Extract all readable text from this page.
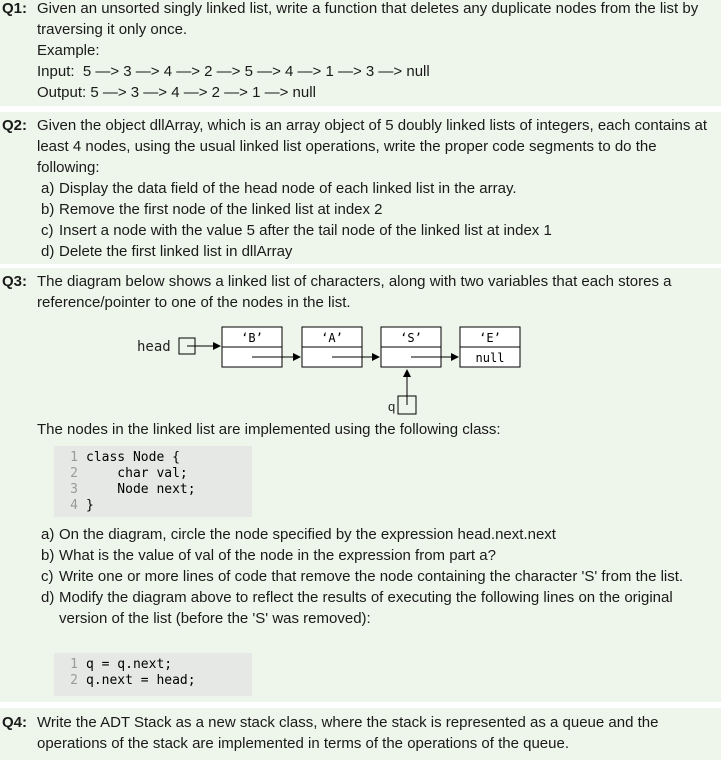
Q1: Given an unsorted singly linked list, write a function that deletes any duplicate nodes from the list by traversing it only once.
Example:
Input:  5 —> 3 —> 4 —> 2 —> 5 —> 4 —> 1 —> 3 —> null
Output: 5 —> 3 —> 4 —> 2 —> 1 —> null
Q2: Given the object dllArray, which is an array object of 5 doubly linked lists of integers, each contains at least 4 nodes, using the usual linked list operations, write the proper code segments to do the following:
a) Display the data field of the head node of each linked list in the array.
b) Remove the first node of the linked list at index 2
c) Insert a node with the value 5 after the tail node of the linked list at index 1
d) Delete the first linked list in dllArray
Q3: The diagram below shows a linked list of characters, along with two variables that each stores a reference/pointer to one of the nodes in the list.
head
‘B’	‘A’	‘S’	‘E’
null
q
The nodes in the linked list are implemented using the following class:
1 class Node {
2 char val;
3 Node next;
4 }
a) On the diagram, circle the node specified by the expression head.next.next
b) What is the value of val of the node in the expression from part a?
c) Write one or more lines of code that remove the node containing the character 'S' from the list.
d) Modify the diagram above to reflect the results of executing the following lines on the original version of the list (before the 'S' was removed):
1 q = q.next;
2 q.next = head;
Q4: Write the ADT Stack as a new stack class, where the stack is represented as a queue and the operations of the stack are implemented in terms of the operations of the queue.
